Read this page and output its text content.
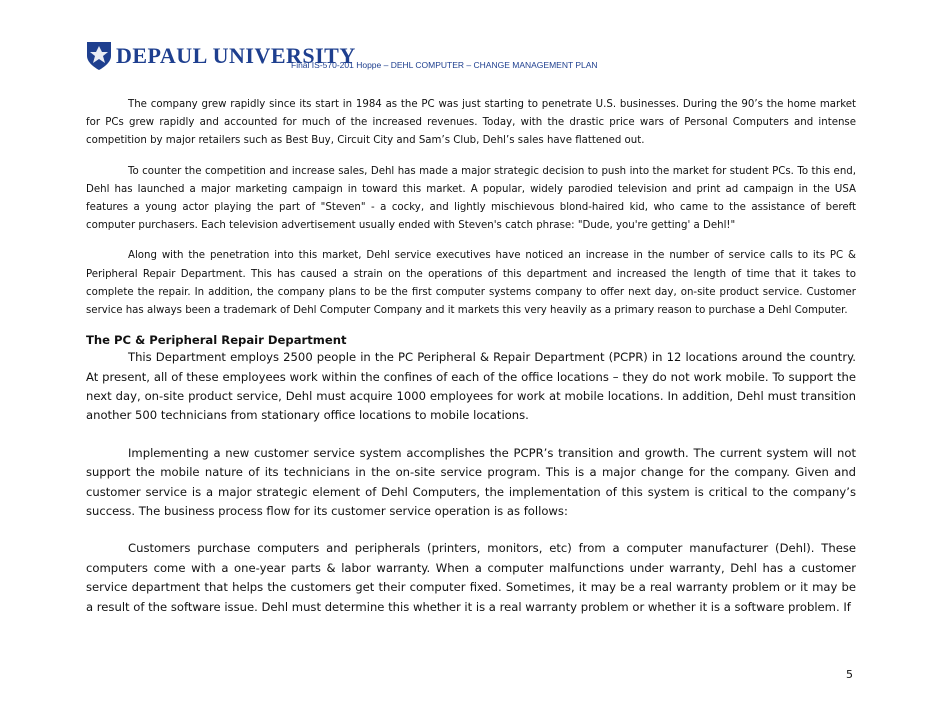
DEPAUL UNIVERSITY
Final IS-570-201 Hoppe – DEHL COMPUTER – CHANGE MANAGEMENT PLAN

The company grew rapidly since its start in 1984 as the PC was just starting to penetrate U.S. businesses. During the 90’s the home market for PCs grew rapidly and accounted for much of the increased revenues. Today, with the drastic price wars of Personal Computers and intense competition by major retailers such as Best Buy, Circuit City and Sam’s Club, Dehl’s sales have flattened out.

To counter the competition and increase sales, Dehl has made a major strategic decision to push into the market for student PCs. To this end, Dehl has launched a major marketing campaign in toward this market. A popular, widely parodied television and print ad campaign in the USA features a young actor playing the part of "Steven" - a cocky, and lightly mischievous blond-haired kid, who came to the assistance of bereft computer purchasers. Each television advertisement usually ended with Steven's catch phrase: "Dude, you're getting' a Dehl!"

Along with the penetration into this market, Dehl service executives have noticed an increase in the number of service calls to its PC & Peripheral Repair Department. This has caused a strain on the operations of this department and increased the length of time that it takes to complete the repair. In addition, the company plans to be the first computer systems company to offer next day, on-site product service. Customer service has always been a trademark of Dehl Computer Company and it markets this very heavily as a primary reason to purchase a Dehl Computer.

The PC & Peripheral Repair Department

This Department employs 2500 people in the PC Peripheral & Repair Department (PCPR) in 12 locations around the country. At present, all of these employees work within the confines of each of the office locations – they do not work mobile. To support the next day, on-site product service, Dehl must acquire 1000 employees for work at mobile locations. In addition, Dehl must transition another 500 technicians from stationary office locations to mobile locations.

Implementing a new customer service system accomplishes the PCPR’s transition and growth. The current system will not support the mobile nature of its technicians in the on-site service program. This is a major change for the company. Given and customer service is a major strategic element of Dehl Computers, the implementation of this system is critical to the company’s success. The business process flow for its customer service operation is as follows:

Customers purchase computers and peripherals (printers, monitors, etc) from a computer manufacturer (Dehl). These computers come with a one-year parts & labor warranty. When a computer malfunctions under warranty, Dehl has a customer service department that helps the customers get their computer fixed. Sometimes, it may be a real warranty problem or it may be a result of the software issue. Dehl must determine this whether it is a real warranty problem or whether it is a software problem. If

5
